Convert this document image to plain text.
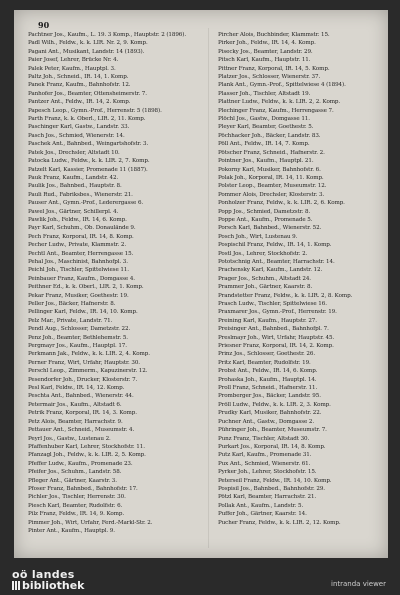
90
Pachtner Jos., Kaufm., L. 19. 3 Komp., Hauptstr. 2 (1896).
Padl Wilh., Feldw., k. k. LIR. Nr. 2, 9. Komp.
Pagani Ant., Musikant, Landstr. 14 (1893).
Paier Josef, Lehrer, Brücke Nr. 4.
Palek Peter, Kaufm., Hauptpl. 3.
Paltz Joh., Schneid., IR. 14, 1. Komp.
Panek Franz, Kaufm., Bahnhofstr. 12.
Panhofer Jos., Beamter, Ottensheimerstr. 7.
Pantzer Ant., Feldw., IR. 14, 2. Komp.
Papesch Leop., Gymn.-Prof., Herrenstr. 5 (1898).
Parth Franz, k. k. Oberl., LIR. 2, 11. Komp.
Paschinger Karl, Gastw., Landstr. 33.
Pasch Jos., Schmied, Wienerstr. 14.
Paschek Ant., Bahnbed., Weingartshofstr. 3.
Patek Jos., Drechsler, Altstadt 10.
Patocka Ludw., Feldw., k. k. LIR. 2, 7. Komp.
Patzelt Karl, Kassier, Promenade 11 (1887).
Pauk Franz, Kaufm., Landstr. 42.
Paulik Jos., Bahnbed., Hauptstr. 8.
Pauli Rud., Fabriksbes., Wienerstr. 21.
Pauser Ant., Gymn.-Prof., Lederergasse 6.
Pawel Jos., Gärtner, Schillerpl. 4.
Pawlik Joh., Feldw., IR. 14, 6. Komp.
Payr Karl, Schuhm., Ob. Donaulände 9.
Pech Franz, Korporal, IR. 14, 8. Komp.
Pecher Ludw., Private, Klammstr. 2.
Pechtl Ant., Beamter, Herrengasse 15.
Pehal Jos., Maschinist, Bahnhofpl. 3.
Peichl Joh., Tischler, Spittelwiese 11.
Peinbauer Franz, Kaufm., Domgasse 4.
Peithner Ed., k. k. Oberl., LIR. 2, 1. Komp.
Pekar Franz, Musiker, Goethestr. 19.
Peller Jos., Bäcker, Hafnerstr. 8.
Pellinger Karl, Feldw., IR. 14, 10. Komp.
Pelz Mar., Private, Landstr. 71.
Pendl Aug., Schlosser, Dametzstr. 22.
Penz Joh., Beamter, Bethlehemstr. 5.
Pergmayr Jos., Kaufm., Hauptpl. 17.
Perkmann Jak., Feldw., k. k. LIR. 2, 4. Komp.
Perner Franz, Wirt, Urfahr, Hauptstr. 30.
Perschl Leop., Zimmerm., Kapuzinerstr. 12.
Pesendorfer Joh., Drucker, Klosterstr. 7.
Pesl Karl, Feldw., IR. 14, 12. Komp.
Peschta Ant., Bahnbed., Wienerstr. 44.
Petermair Jos., Kaufm., Altstadt 6.
Petrik Franz, Korporal, IR. 14, 3. Komp.
Petz Alois, Beamter, Harrachstr. 9.
Pettauer Ant., Schneid., Museumstr. 4.
Peyrl Jos., Gastw., Lustenau 2.
Pfaffenhuber Karl, Lehrer, Stockhofstr. 11.
Pfanzagl Joh., Feldw., k. k. LIR. 2, 5. Komp.
Pfeffer Ludw., Kaufm., Promenade 23.
Pfeifer Jos., Schuhm., Landstr. 58.
Pfleger Ant., Gärtner, Kaarstr. 3.
Pfoser Franz, Bahnbed., Bahnhofstr. 17.
Pichler Jos., Tischler, Herrenstr. 30.
Piesch Karl, Beamter, Rudolfstr. 6.
Pilz Franz, Feldw., IR. 14, 9. Komp.
Pimmer Joh., Wirt, Urfahr, Ferd.-Markl-Str. 2.
Pinter Ant., Kaufm., Hauptpl. 9.
Pircher Alois, Buchbinder, Klammstr. 15.
Pirker Joh., Feldw., IR. 14, 4. Komp.
Pisecky Jos., Beamter, Landstr. 29.
Pitsch Karl, Kaufm., Hauptstr. 11.
Pittner Franz, Korporal, IR. 14, 5. Komp.
Platzer Jos., Schlosser, Wienerstr. 37.
Plank Ant., Gymn.-Prof., Spittelwiese 4 (1894).
Plasser Joh., Tischler, Altstadt 19.
Plattner Ludw., Feldw., k. k. LIR. 2, 2. Komp.
Plechinger Franz, Kaufm., Herrengasse 7.
Plöchl Jos., Gastw., Domgasse 11.
Pleyer Karl, Beamter, Goethestr. 5.
Pöchhacker Joh., Bäcker, Landstr. 83.
Pöll Ant., Feldw., IR. 14, 7. Komp.
Pötscher Franz, Schneid., Hafnerstr. 2.
Pointner Jos., Kaufm., Hauptpl. 21.
Pokorny Karl, Musiker, Bahnhofstr. 6.
Polak Joh., Korporal, IR. 14, 11. Komp.
Polster Leop., Beamter, Museumstr. 12.
Pommer Alois, Drechsler, Klosterstr. 3.
Ponholzer Franz, Feldw., k. k. LIR. 2, 6. Komp.
Popp Jos., Schmied, Dametzstr. 8.
Poppe Ant., Kaufm., Promenade 5.
Porsch Karl, Bahnbed., Wienerstr. 52.
Posch Joh., Wirt, Lustenau 9.
Pospischil Franz, Feldw., IR. 14, 1. Komp.
Postl Jos., Lehrer, Stockhofstr. 2.
Pototschnig Ant., Beamter, Harrachstr. 14.
Prachensky Karl, Kaufm., Landstr. 12.
Prager Jos., Schuhm., Altstadt 24.
Prammer Joh., Gärtner, Kaarstr. 8.
Prandstetter Franz, Feldw., k. k. LIR. 2, 8. Komp.
Prasch Ludw., Tischler, Spittelwiese 16.
Praxmarer Jos., Gymn.-Prof., Herrenstr. 19.
Preining Karl, Kaufm., Hauptstr. 27.
Preisinger Ant., Bahnbed., Bahnhofpl. 7.
Preslmayr Joh., Wirt, Urfahr, Hauptstr. 45.
Priesner Franz, Korporal, IR. 14, 2. Komp.
Prinz Jos., Schlosser, Goethestr. 26.
Pritz Karl, Beamter, Rudolfstr. 19.
Probst Ant., Feldw., IR. 14, 6. Komp.
Prohaska Joh., Kaufm., Hauptpl. 14.
Proll Franz, Schneid., Hafnerstr. 11.
Promberger Jos., Bäcker, Landstr. 95.
Pröll Ludw., Feldw., k. k. LIR. 2, 3. Komp.
Prudky Karl, Musiker, Bahnhofstr. 22.
Puchner Ant., Gastw., Domgasse 2.
Pühringer Joh., Beamter, Museumstr. 7.
Punz Franz, Tischler, Altstadt 30.
Purkart Jos., Korporal, IR. 14, 8. Komp.
Putz Karl, Kaufm., Promenade 31.
Pux Ant., Schmied, Wienerstr. 61.
Pyrker Joh., Lehrer, Stockhofstr. 15.
Peterseil Franz, Feldw., IR. 14, 10. Komp.
Pospisil Jos., Bahnbed., Bahnhofstr. 29.
Pötzl Karl, Beamter, Harrachstr. 21.
Pollak Ant., Kaufm., Landstr. 5.
Puffer Joh., Gärtner, Kaarstr. 14.
Pucher Franz, Feldw., k. k. LIR. 2, 12. Komp.
oö landes
bibliothek	intranda viewer
